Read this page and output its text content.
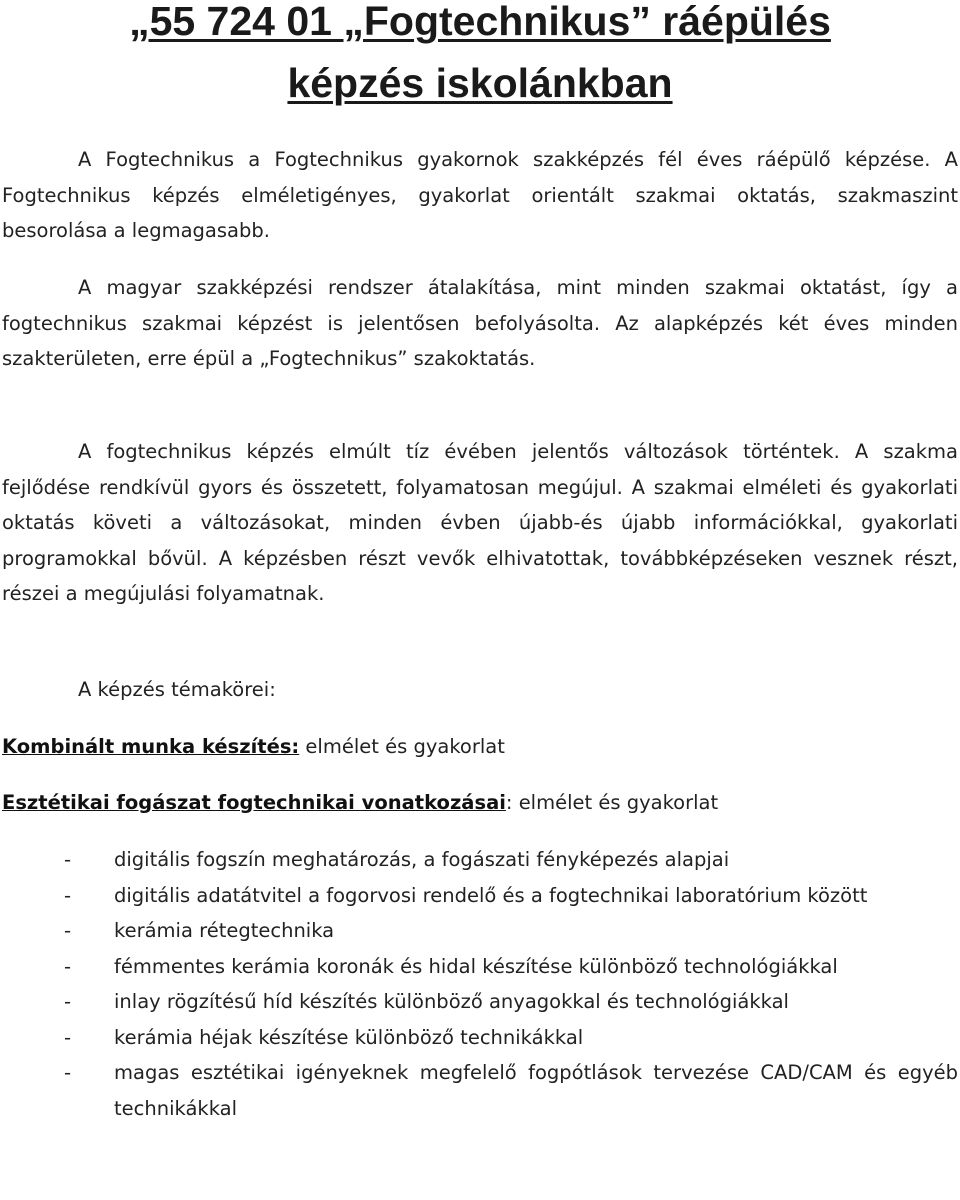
„55 724 01 „Fogtechnikus” ráépülés
képzés iskolánkban

A Fogtechnikus a Fogtechnikus gyakornok szakképzés fél éves ráépülő képzése. A Fogtechnikus képzés elméletigényes, gyakorlat orientált szakmai oktatás, szakmaszint besorolása a legmagasabb.

A magyar szakképzési rendszer átalakítása, mint minden szakmai oktatást, így a fogtechnikus szakmai képzést is jelentősen befolyásolta. Az alapképzés két éves minden szakterületen, erre épül a „Fogtechnikus” szakoktatás.

A fogtechnikus képzés elmúlt tíz évében jelentős változások történtek. A szakma fejlődése rendkívül gyors és összetett, folyamatosan megújul. A szakmai elméleti és gyakorlati oktatás követi a változásokat, minden évben újabb-és újabb információkkal, gyakorlati programokkal bővül. A képzésben részt vevők elhivatottak, továbbképzéseken vesznek részt, részei a megújulási folyamatnak.

A képzés témakörei:

Kombinált munka készítés: elmélet és gyakorlat

Esztétikai fogászat fogtechnikai vonatkozásai: elmélet és gyakorlat

- digitális fogszín meghatározás, a fogászati fényképezés alapjai
- digitális adatátvitel a fogorvosi rendelő és a fogtechnikai laboratórium között
- kerámia rétegtechnika
- fémmentes kerámia koronák és hidal készítése különböző technológiákkal
- inlay rögzítésű híd készítés különböző anyagokkal és technológiákkal
- kerámia héjak készítése különböző technikákkal
- magas esztétikai igényeknek megfelelő fogpótlások tervezése CAD/CAM és egyéb technikákkal
